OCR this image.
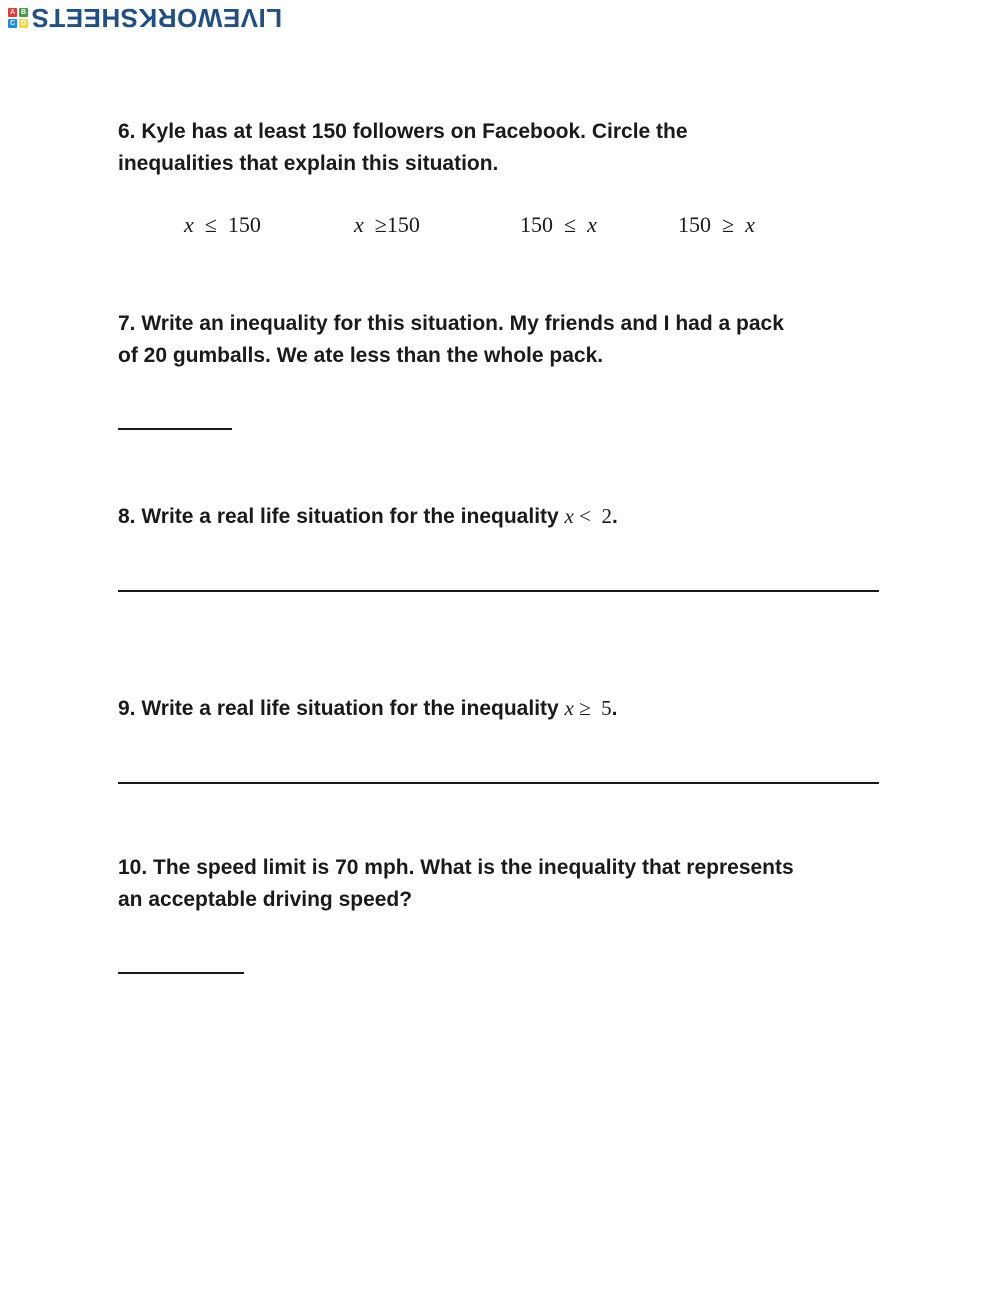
A B
C D LIVEWORKSHEETS

6. Kyle has at least 150 followers on Facebook. Circle the

inequalities that explain this situation.

x ≤ 150	x ≥150	150 ≤ x	150 ≥ x

7. Write an inequality for this situation. My friends and I had a pack

of 20 gumballs. We ate less than the whole pack.

8. Write a real life situation for the inequality x <  2.

9. Write a real life situation for the inequality x ≥  5.

10. The speed limit is 70 mph. What is the inequality that represents

an acceptable driving speed?
